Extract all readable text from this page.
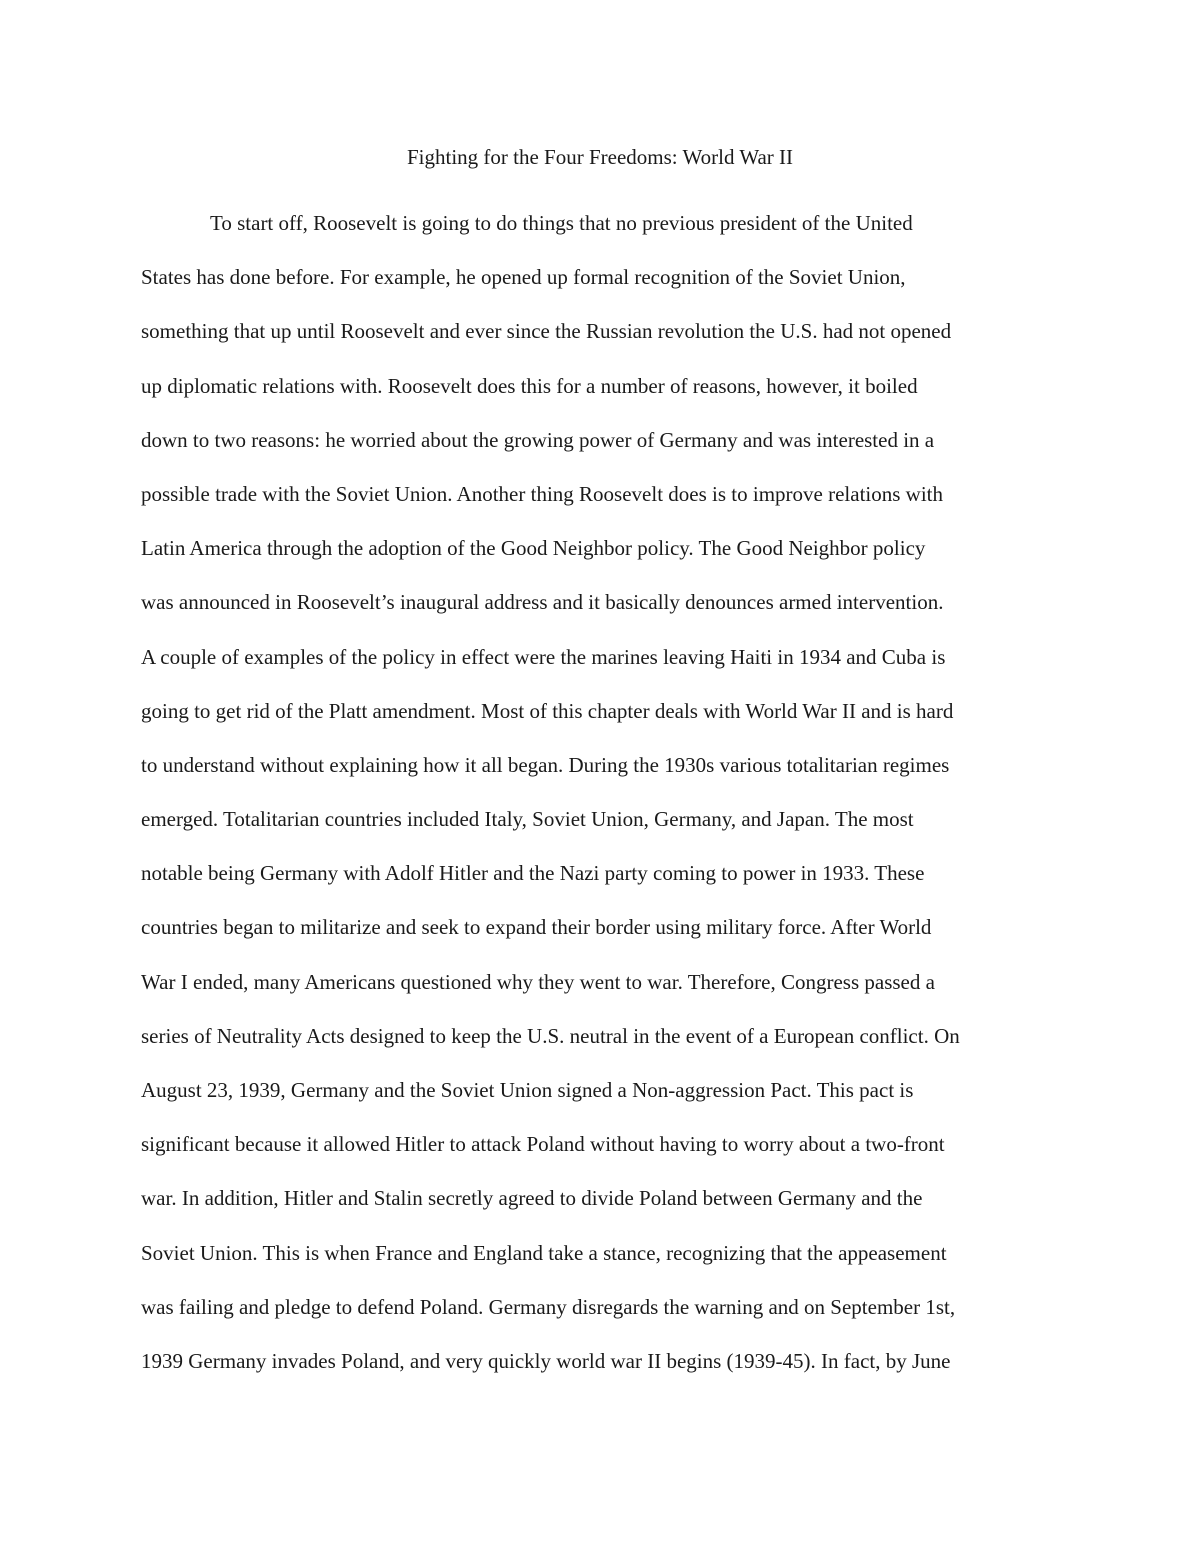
Fighting for the Four Freedoms: World War II
To start off, Roosevelt is going to do things that no previous president of the United
States has done before. For example, he opened up formal recognition of the Soviet Union,
something that up until Roosevelt and ever since the Russian revolution the U.S. had not opened
up diplomatic relations with. Roosevelt does this for a number of reasons, however, it boiled
down to two reasons: he worried about the growing power of Germany and was interested in a
possible trade with the Soviet Union. Another thing Roosevelt does is to improve relations with
Latin America through the adoption of the Good Neighbor policy. The Good Neighbor policy
was announced in Roosevelt’s inaugural address and it basically denounces armed intervention.
A couple of examples of the policy in effect were the marines leaving Haiti in 1934 and Cuba is
going to get rid of the Platt amendment. Most of this chapter deals with World War II and is hard
to understand without explaining how it all began. During the 1930s various totalitarian regimes
emerged. Totalitarian countries included Italy, Soviet Union, Germany, and Japan. The most
notable being Germany with Adolf Hitler and the Nazi party coming to power in 1933. These
countries began to militarize and seek to expand their border using military force. After World
War I ended, many Americans questioned why they went to war. Therefore, Congress passed a
series of Neutrality Acts designed to keep the U.S. neutral in the event of a European conflict. On
August 23, 1939, Germany and the Soviet Union signed a Non-aggression Pact. This pact is
significant because it allowed Hitler to attack Poland without having to worry about a two-front
war. In addition, Hitler and Stalin secretly agreed to divide Poland between Germany and the
Soviet Union. This is when France and England take a stance, recognizing that the appeasement
was failing and pledge to defend Poland. Germany disregards the warning and on September 1st,
1939 Germany invades Poland, and very quickly world war II begins (1939-45). In fact, by June
